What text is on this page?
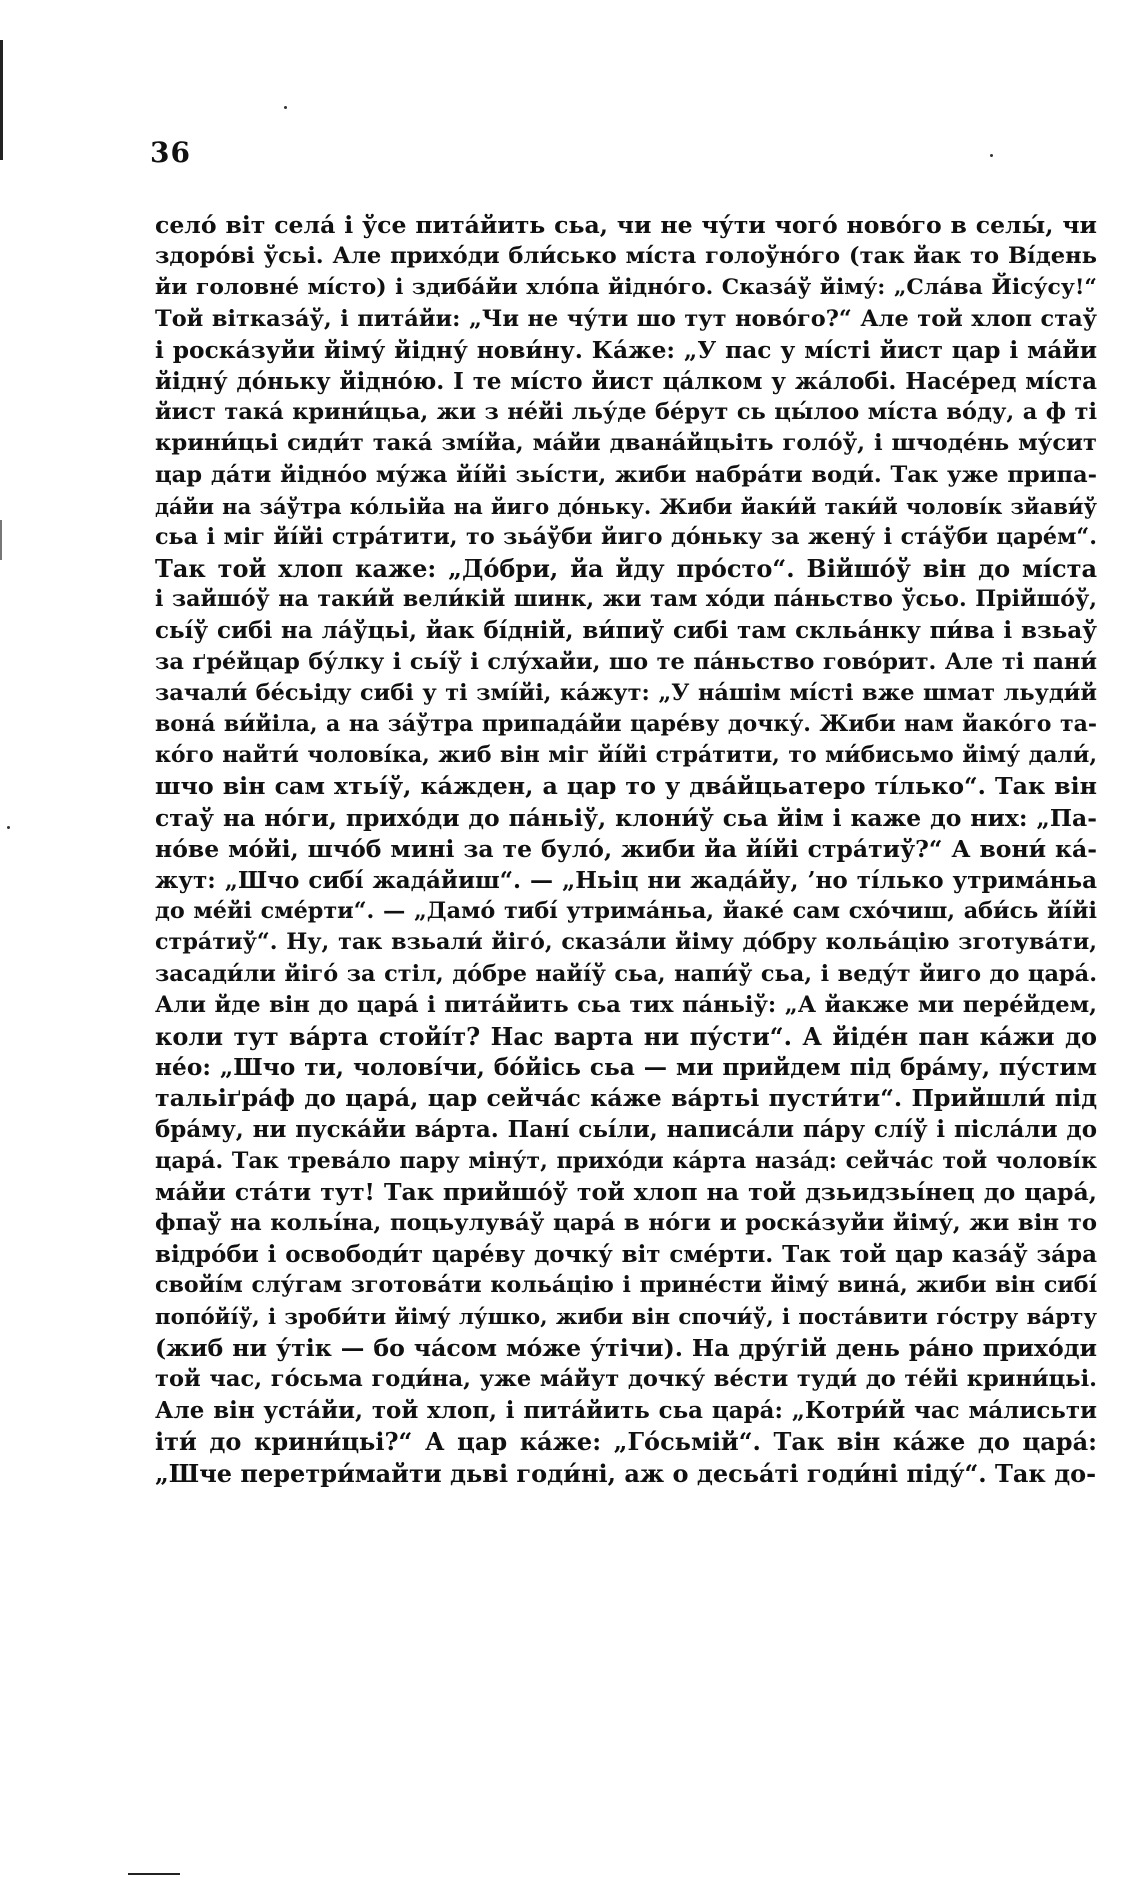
36
село́ віт села́ і ўсе пита́йить сьа, чи не чу́ти чого́ ново́го в селы́, чи
здоро́ві ўсьі. Але прихо́ди бли́сько мі́ста голоўно́го (так йак то Ві́день
йи головне́ мі́сто) і здиба́йи хло́па йідно́го. Сказа́ў йіму́: „Сла́ва Йісу́су!“
Той вітказа́ў, і пита́йи: „Чи не чу́ти шо тут ново́го?“ Але той хлоп стаў
і роска́зуйи йіму́ йідну́ нови́ну. Ка́же: „У пас у мі́сті йист цар і ма́йи
йідну́ до́ньку йідно́ю. І те мі́сто йист ца́лком у жа́лобі. Насе́ред мі́ста
йист така́ крини́цьа, жи з не́йі льу́де бе́рут сь цы́лоо мі́ста во́ду, а ф ті
крини́цьі сиди́т така́ змі́йа, ма́йи двана́йцьіть голо́ў, і шчоде́нь му́сит
цар да́ти йідно́о му́жа йі́йі зьі́сти, жиби набра́ти води́. Так уже припа-
да́йи на за́ўтра ко́льійа на йиго до́ньку. Жиби йаки́й таки́й чолові́к зйави́ў
сьа і міг йі́йі стра́тити, то зьа́ўби йиго до́ньку за жену́ і ста́ўби царе́м“.
Так той хлоп каже: „До́бри, йа йду про́сто“. Війшо́ў він до мі́ста
і зайшо́ў на таки́й вели́кій шинк, жи там хо́ди па́ньство ўсьо. Прійшо́ў,
сьі́ў сибі на ла́ўцьі, йак бі́дній, ви́пиў сибі там скльа́нку пи́ва і взьаў
за ґре́йцар бу́лку і сьі́ў і слу́хайи, шо те па́ньство гово́рит. Але ті пани́
зачали́ бе́сьіду сибі у ті змі́йі, ка́жут: „У на́шім мі́сті вже шмат льуди́й
вона́ ви́йіла, а на за́ўтра припада́йи царе́ву дочку́. Жиби нам йако́го та-
ко́го найти́ чолові́ка, жиб він міг йі́йі стра́тити, то ми́бисьмо йіму́ дали́,
шчо він сам хтьі́ў, ка́жден, а цар то у два́йцьатеро ті́лько“. Так він
стаў на но́ги, прихо́ди до па́ньіў, клони́ў сьа йім і каже до них: „Па-
но́ве мо́йі, шчо́б мині за те було́, жиби йа йі́йі стра́тиў?“ А вони́ ка́-
жут: „Шчо сибі́ жада́йиш“. — „Ньіц ни жада́йу, ’но ті́лько утрима́ньа
до ме́йі сме́рти“. — „Дамо́ тибі́ утрима́ньа, йаке́ сам схо́чиш, аби́сь йі́йі
стра́тиў“. Ну, так взьали́ йіго́, сказа́ли йіму до́бру кольа́цію зготува́ти,
засади́ли йіго́ за стіл, до́бре найі́ў сьа, напи́ў сьа, і веду́т йиго до цара́.
Али йде він до цара́ і пита́йить сьа тих па́ньіў: „А йакже ми пере́йдем,
коли тут ва́рта стойі́т? Нас варта ни пу́сти“. А йідéн пан ка́жи до
не́о: „Шчо ти, чолові́чи, бо́йісь сьа — ми прийдем під бра́му, пу́стим
тальіґра́ф до цара́, цар сейча́с ка́же ва́ртьі пусти́ти“. Прийшли́ під
бра́му, ни пуска́йи ва́рта. Пані́ сьі́ли, написа́ли па́ру слі́ў і післа́ли до
цара́. Так трева́ло пару міну́т, прихо́ди ка́рта наза́д: сейча́с той чолові́к
ма́йи ста́ти тут! Так прийшо́ў той хлоп на той дзьидзьі́нец до цара́,
фпаў на кольі́на, поцьулува́ў цара́ в но́ги и роска́зуйи йіму́, жи він то
відро́би і освободи́т царе́ву дочку́ віт сме́рти. Так той цар каза́ў за́ра
свойі́м слу́гам зготова́ти кольа́цію і прине́сти йіму́ вина́, жиби він сибі́
попо́йі́ў, і зроби́ти йіму́ лу́шко, жиби він спочи́ў, і поста́вити го́стру ва́рту
(жиб ни у́тік — бо ча́сом мо́же у́тічи). На дру́гій день ра́но прихо́ди
той час, го́сьма годи́на, уже ма́йут дочку́ ве́сти туди́ до те́йі крини́цьі.
Але він уста́йи, той хлоп, і пита́йить сьа цара́: „Котри́й час ма́лисьти
іти́ до крини́цьі?“ А цар ка́же: „Го́сьмій“. Так він ка́же до цара́:
„Шче перетри́майти дьві годи́ні, аж о десьа́ті годи́ні піду́“. Так до-
